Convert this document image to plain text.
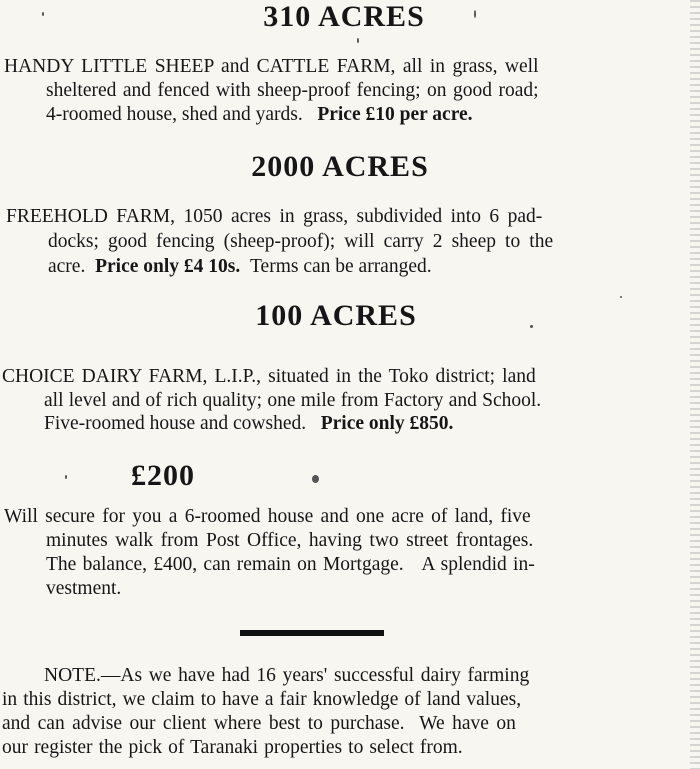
310 ACRES
HANDY LITTLE SHEEP and CATTLE FARM, all in grass, well
sheltered and fenced with sheep-proof fencing; on good road;
4-roomed house, shed and yards. Price £10 per acre.
2000 ACRES
FREEHOLD FARM, 1050 acres in grass, subdivided into 6 pad-
docks; good fencing (sheep-proof); will carry 2 sheep to the
acre. Price only £4 10s. Terms can be arranged.
100 ACRES
CHOICE DAIRY FARM, L.I.P., situated in the Toko district; land
all level and of rich quality; one mile from Factory and School.
Five-roomed house and cowshed. Price only £850.
£200
Will secure for you a 6-roomed house and one acre of land, five
minutes walk from Post Office, having two street frontages.
The balance, £400, can remain on Mortgage.   A splendid in-
vestment.
NOTE.—As we have had 16 years' successful dairy farming
in this district, we claim to have a fair knowledge of land values,
and can advise our client where best to purchase.  We have on
our register the pick of Taranaki properties to select from.
